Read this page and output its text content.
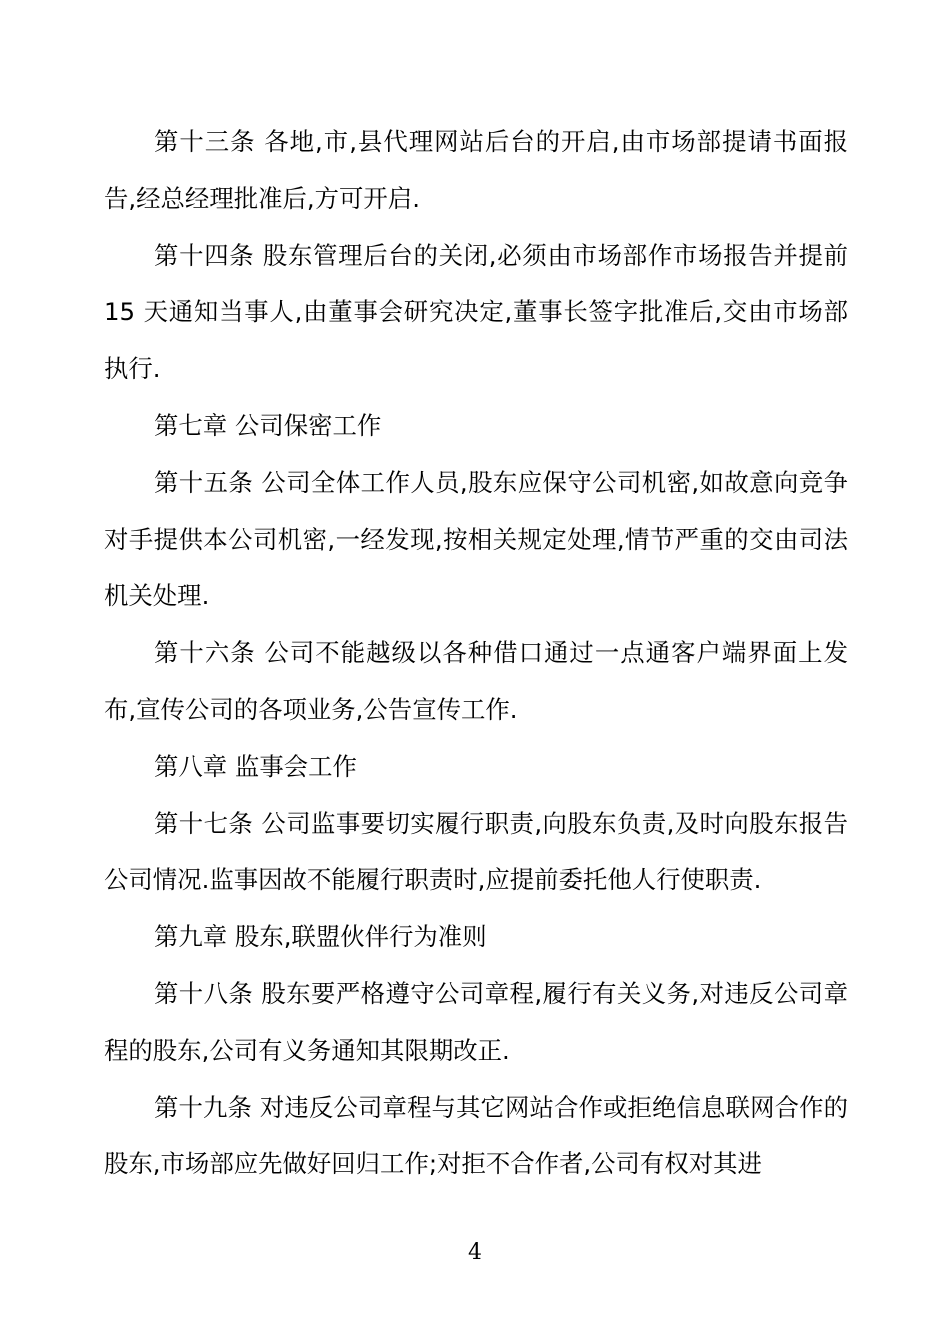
第十三条 各地,市,县代理网站后台的开启,由市场部提请书面报告,经总经理批准后,方可开启.

第十四条 股东管理后台的关闭,必须由市场部作市场报告并提前 15 天通知当事人,由董事会研究决定,董事长签字批准后,交由市场部执行.

第七章 公司保密工作

第十五条 公司全体工作人员,股东应保守公司机密,如故意向竞争对手提供本公司机密,一经发现,按相关规定处理,情节严重的交由司法机关处理.

第十六条 公司不能越级以各种借口通过一点通客户端界面上发布,宣传公司的各项业务,公告宣传工作.

第八章 监事会工作

第十七条 公司监事要切实履行职责,向股东负责,及时向股东报告公司情况.监事因故不能履行职责时,应提前委托他人行使职责.

第九章 股东,联盟伙伴行为准则

第十八条 股东要严格遵守公司章程,履行有关义务,对违反公司章程的股东,公司有义务通知其限期改正.

第十九条 对违反公司章程与其它网站合作或拒绝信息联网合作的股东,市场部应先做好回归工作;对拒不合作者,公司有权对其进

4
